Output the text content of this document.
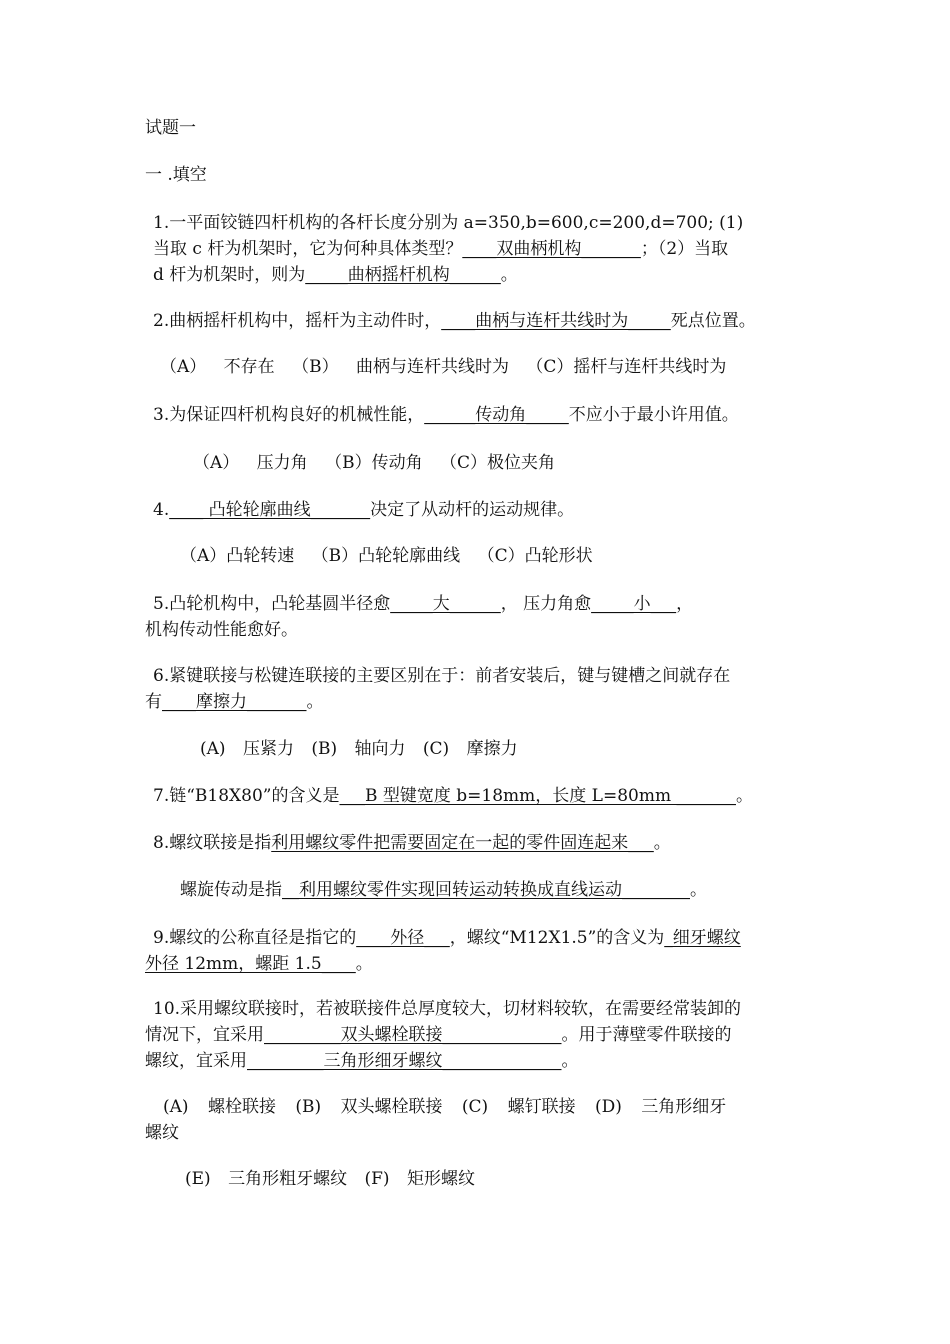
试题一
一 .填空
1.一平面铰链四杆机构的各杆长度分别为 a=350,b=600,c=200,d=700; (1)
当取 c 杆为机架时，它为何种具体类型？____双曲柄机构_______；（2）当取
d 杆为机架时，则为_____曲柄摇杆机构______。
2.曲柄摇杆机构中，摇杆为主动件时，____曲柄与连杆共线时为_____死点位置。
（A） 不存在 （B） 曲柄与连杆共线时为 （C）摇杆与连杆共线时为
3.为保证四杆机构良好的机械性能，______传动角_____不应小于最小许用值。
（A） 压力角 （B）传动角 （C）极位夹角
4.____ 凸轮轮廓曲线_______决定了从动杆的运动规律。
（A）凸轮转速 （B）凸轮轮廓曲线 （C）凸轮形状
5.凸轮机构中，凸轮基圆半径愈_____大______， 压力角愈_____小___，
机构传动性能愈好。
6.紧键联接与松键连联接的主要区别在于：前者安装后，键与键槽之间就存在
有____摩擦力_______。
(A) 压紧力 (B) 轴向力 (C) 摩擦力
7.链“B18X80”的含义是___B 型键宽度 b=18mm，长度 L=80mm _______。
8.螺纹联接是指利用螺纹零件把需要固定在一起的零件固连起来___。
螺旋传动是指__利用螺纹零件实现回转运动转换成直线运动________。
9.螺纹的公称直径是指它的____外径___，螺纹“M12X1.5”的含义为_细牙螺纹
外径 12mm，螺距 1.5____。
10.采用螺纹联接时，若被联接件总厚度较大，切材料较软，在需要经常装卸的
情况下，宜采用_________双头螺栓联接______________。用于薄壁零件联接的
螺纹，宜采用_________三角形细牙螺纹______________。
(A) 螺栓联接 (B) 双头螺栓联接 (C) 螺钉联接 (D) 三角形细牙
螺纹
(E) 三角形粗牙螺纹 (F) 矩形螺纹
